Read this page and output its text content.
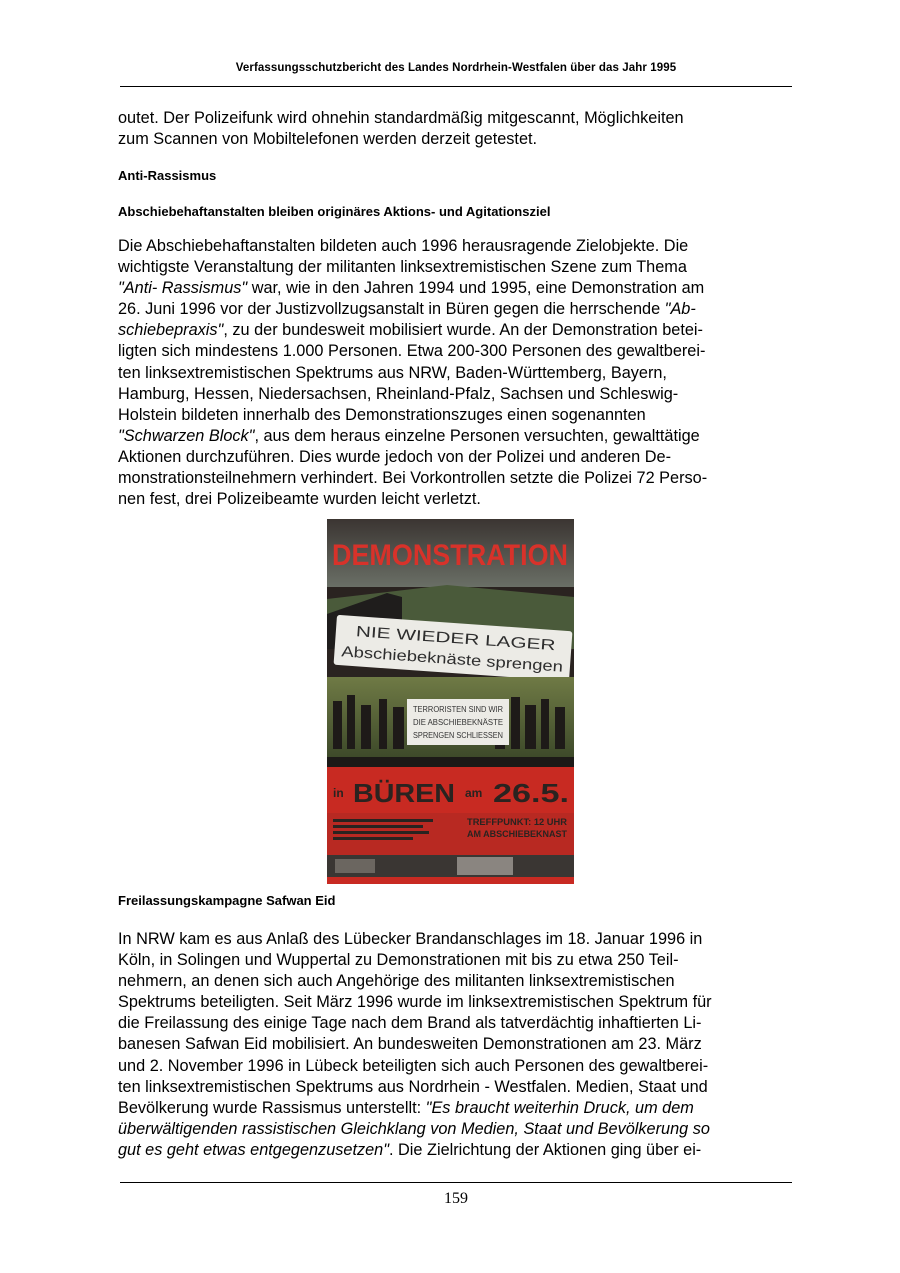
Verfassungsschutzbericht des Landes Nordrhein-Westfalen über das Jahr 1995
outet. Der Polizeifunk wird ohnehin standardmäßig mitgescannt, Möglichkeiten
zum Scannen von Mobiltelefonen werden derzeit getestet.
Anti-Rassismus
Abschiebehaftanstalten bleiben originäres Aktions- und Agitationsziel
Die Abschiebehaftanstalten bildeten auch 1996 herausragende Zielobjekte. Die
wichtigste Veranstaltung der militanten linksextremistischen Szene zum Thema
"Anti- Rassismus" war, wie in den Jahren 1994 und 1995, eine Demonstration am
26. Juni 1996 vor der Justizvollzugsanstalt in Büren gegen die herrschende "Ab-
schiebepraxis", zu der bundesweit mobilisiert wurde. An der Demonstration betei-
ligten sich mindestens 1.000 Personen. Etwa 200-300 Personen des gewaltberei-
ten linksextremistischen Spektrums aus NRW, Baden-Württemberg, Bayern,
Hamburg, Hessen, Niedersachsen, Rheinland-Pfalz, Sachsen und Schleswig-
Holstein bildeten innerhalb des Demonstrationszuges einen sogenannten
"Schwarzen Block", aus dem heraus einzelne Personen versuchten, gewalttätige
Aktionen durchzuführen. Dies wurde jedoch von der Polizei und anderen De-
monstrationsteilnehmern verhindert. Bei Vorkontrollen setzte die Polizei 72 Perso-
nen fest, drei Polizeibeamte wurden leicht verletzt.
DEMONSTRATION
NIE WIEDER LAGER
Abschiebeknäste sprengen
TERRORISTEN SIND WIR
DIE ABSCHIEBEKNÄSTE
SPRENGEN SCHLIESSEN
in BÜREN am 26.5.
TREFFPUNKT: 12 UHR
AM ABSCHIEBEKNAST
Freilassungskampagne Safwan Eid
In NRW kam es aus Anlaß des Lübecker Brandanschlages im 18. Januar 1996 in
Köln, in Solingen und Wuppertal zu Demonstrationen mit bis zu etwa 250 Teil-
nehmern, an denen sich auch Angehörige des militanten linksextremistischen
Spektrums beteiligten. Seit März 1996 wurde im linksextremistischen Spektrum für
die Freilassung des einige Tage nach dem Brand als tatverdächtig inhaftierten Li-
banesen Safwan Eid mobilisiert. An bundesweiten Demonstrationen am 23. März
und 2. November 1996 in Lübeck beteiligten sich auch Personen des gewaltberei-
ten linksextremistischen Spektrums aus Nordrhein - Westfalen. Medien, Staat und
Bevölkerung wurde Rassismus unterstellt: "Es braucht weiterhin Druck, um dem
überwältigenden rassistischen Gleichklang von Medien, Staat und Bevölkerung so
gut es geht etwas entgegenzusetzen". Die Zielrichtung der Aktionen ging über ei-
159
